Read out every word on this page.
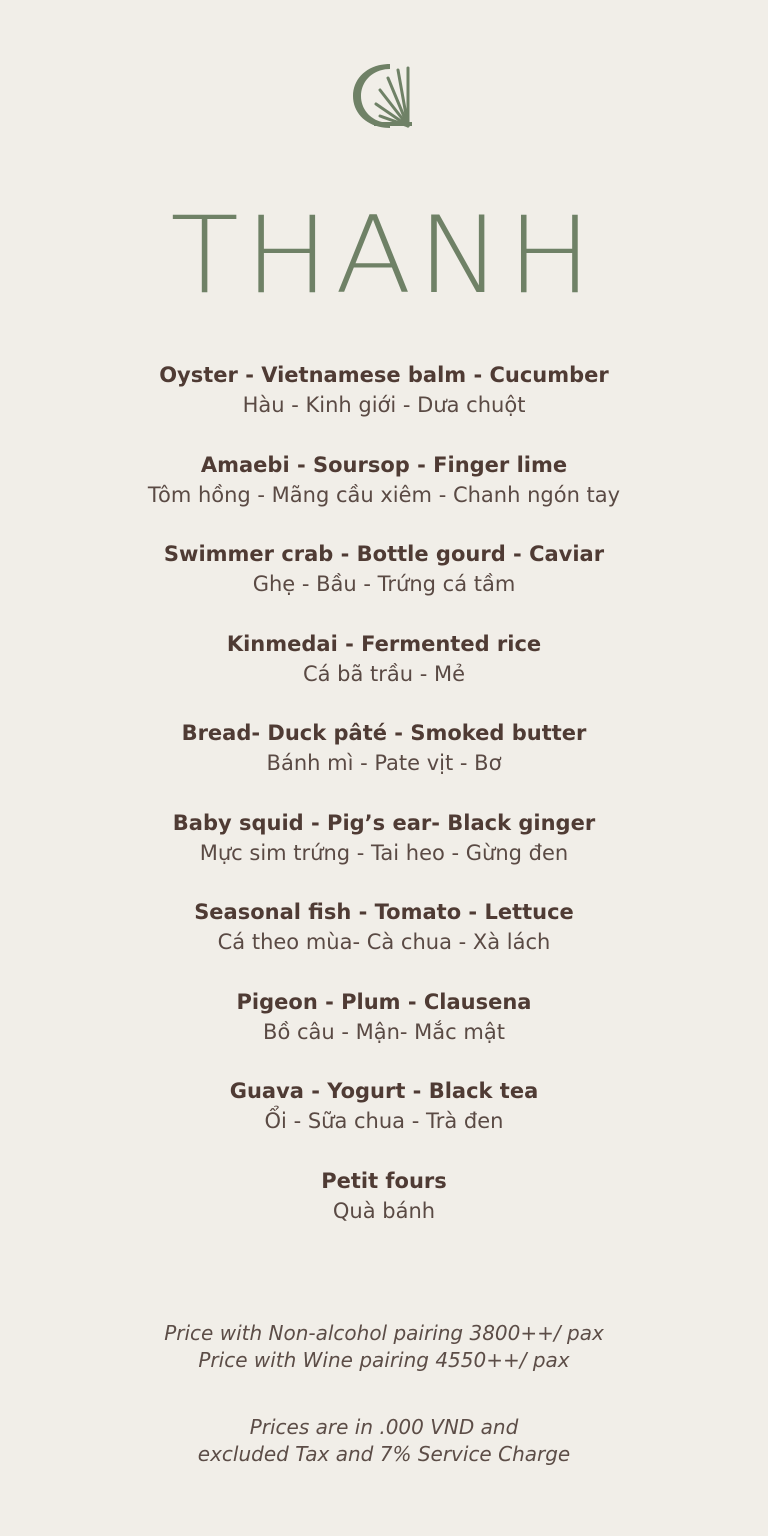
THANH
Oyster - Vietnamese balm - Cucumber
Hàu - Kinh giới - Dưa chuột
Amaebi - Soursop - Finger lime
Tôm hồng - Mãng cầu xiêm - Chanh ngón tay
Swimmer crab - Bottle gourd - Caviar
Ghẹ - Bầu - Trứng cá tầm
Kinmedai - Fermented rice
Cá bã trầu - Mẻ
Bread- Duck pâté - Smoked butter
Bánh mì - Pate vịt - Bơ
Baby squid - Pig’s ear- Black ginger
Mực sim trứng - Tai heo - Gừng đen
Seasonal fish - Tomato - Lettuce
Cá theo mùa- Cà chua - Xà lách
Pigeon - Plum - Clausena
Bồ câu - Mận- Mắc mật
Guava - Yogurt - Black tea
Ổi - Sữa chua - Trà đen
Petit fours
Quà bánh
Price with Non-alcohol pairing 3800++/ pax
Price with Wine pairing 4550++/ pax
Prices are in .000 VND and
excluded Tax and 7% Service Charge
